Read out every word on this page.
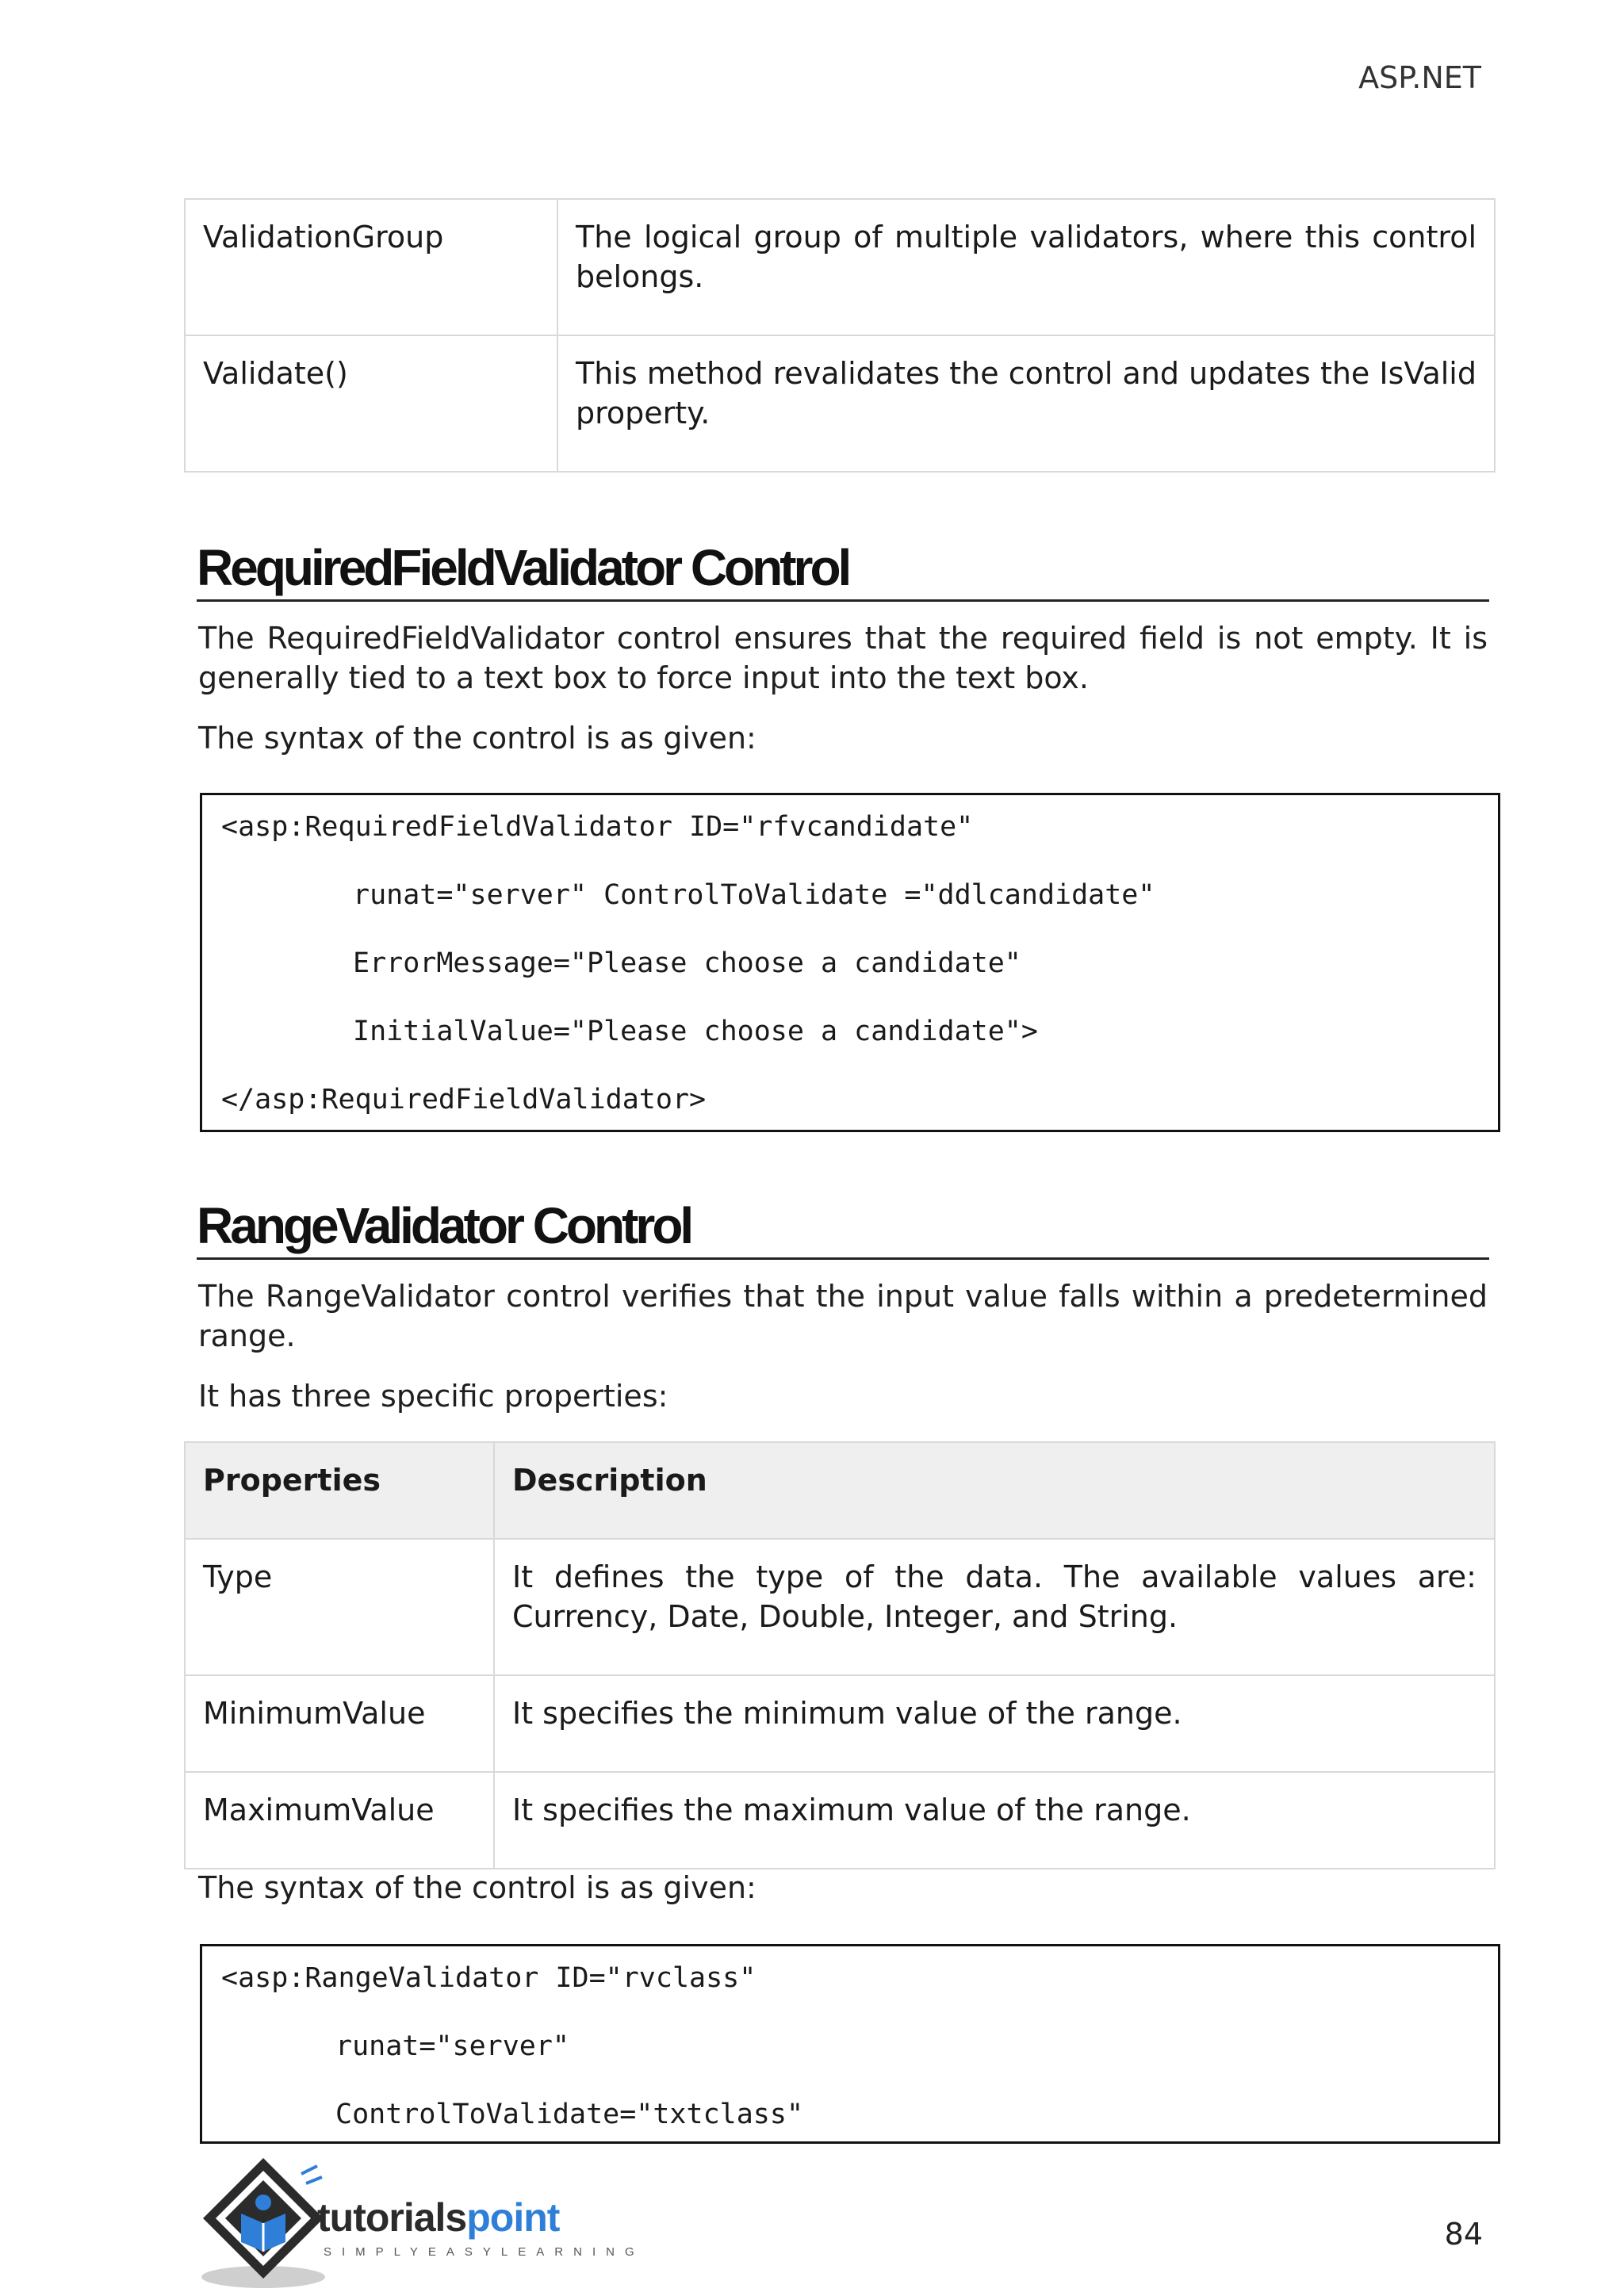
ASP.NET
ValidationGroup	The logical group of multiple validators, where this control belongs.
Validate()	This method revalidates the control and updates the IsValid property.
RequiredFieldValidator Control
The RequiredFieldValidator control ensures that the required field is not empty. It is generally tied to a text box to force input into the text box.
The syntax of the control is as given:
<asp:RequiredFieldValidator ID="rfvcandidate"
runat="server" ControlToValidate ="ddlcandidate"
ErrorMessage="Please choose a candidate"
InitialValue="Please choose a candidate">
</asp:RequiredFieldValidator>
RangeValidator Control
The RangeValidator control verifies that the input value falls within a predetermined range.
It has three specific properties:
Properties	Description
Type	It defines the type of the data. The available values are: Currency, Date, Double, Integer, and String.
MinimumValue	It specifies the minimum value of the range.
MaximumValue	It specifies the maximum value of the range.
The syntax of the control is as given:
<asp:RangeValidator ID="rvclass"
runat="server"
ControlToValidate="txtclass"
tutorialspoint
SIMPLYEASYLEARNING
84
